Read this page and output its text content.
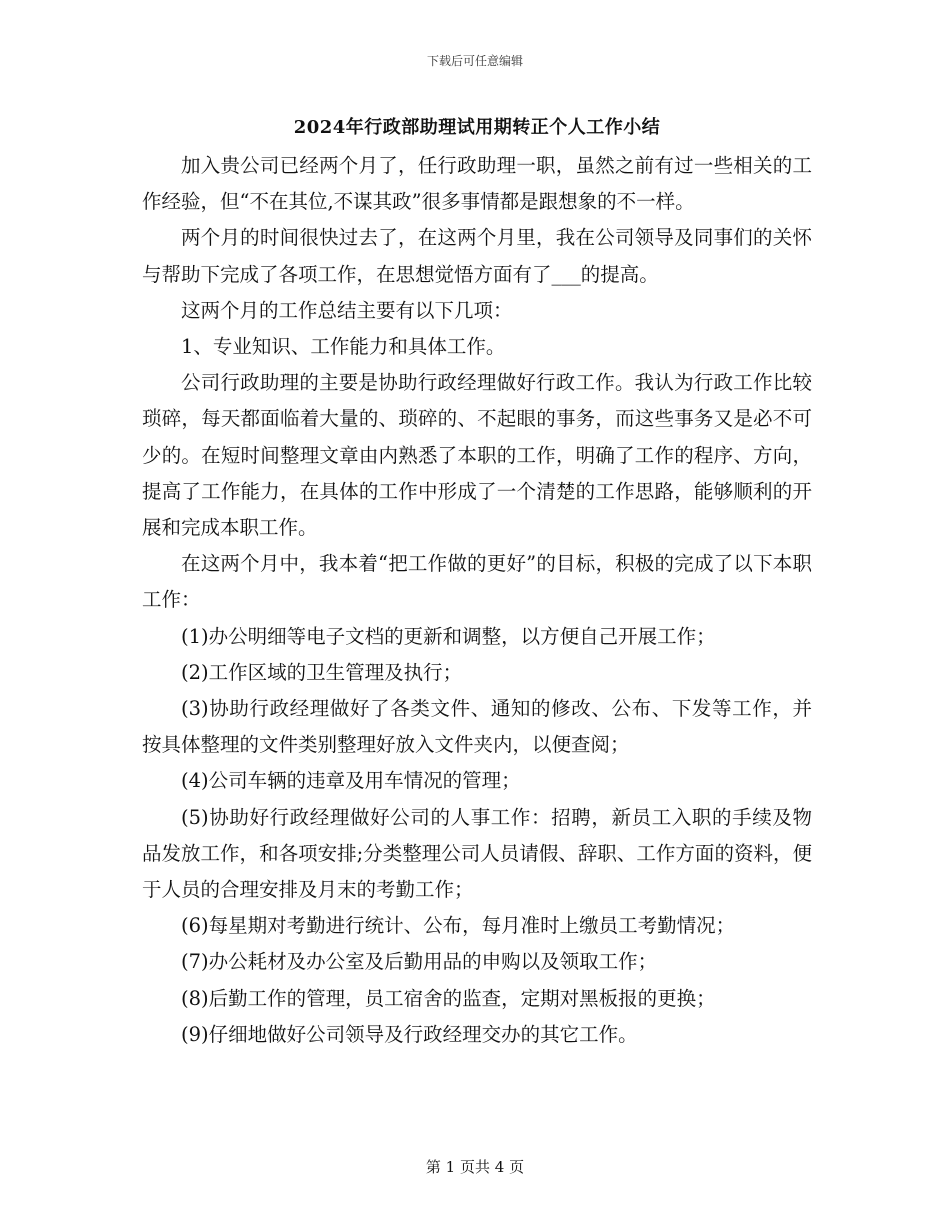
下载后可任意编辑
2024年行政部助理试用期转正个人工作小结

加入贵公司已经两个月了，任行政助理一职，虽然之前有过一些相关的工作经验，但“不在其位,不谋其政”很多事情都是跟想象的不一样。

两个月的时间很快过去了，在这两个月里，我在公司领导及同事们的关怀与帮助下完成了各项工作，在思想觉悟方面有了___的提高。

这两个月的工作总结主要有以下几项：

1、专业知识、工作能力和具体工作。

公司行政助理的主要是协助行政经理做好行政工作。我认为行政工作比较琐碎，每天都面临着大量的、琐碎的、不起眼的事务，而这些事务又是必不可少的。在短时间整理文章由内熟悉了本职的工作，明确了工作的程序、方向，提高了工作能力，在具体的工作中形成了一个清楚的工作思路，能够顺利的开展和完成本职工作。

在这两个月中，我本着“把工作做的更好”的目标，积极的完成了以下本职工作：

(1)办公明细等电子文档的更新和调整，以方便自己开展工作；

(2)工作区域的卫生管理及执行；

(3)协助行政经理做好了各类文件、通知的修改、公布、下发等工作，并按具体整理的文件类别整理好放入文件夹内，以便查阅；

(4)公司车辆的违章及用车情况的管理；

(5)协助好行政经理做好公司的人事工作：招聘，新员工入职的手续及物品发放工作，和各项安排;分类整理公司人员请假、辞职、工作方面的资料，便于人员的合理安排及月末的考勤工作；

(6)每星期对考勤进行统计、公布，每月准时上缴员工考勤情况；

(7)办公耗材及办公室及后勤用品的申购以及领取工作；

(8)后勤工作的管理，员工宿舍的监查，定期对黑板报的更换；

(9)仔细地做好公司领导及行政经理交办的其它工作。

第 1 页共 4 页
